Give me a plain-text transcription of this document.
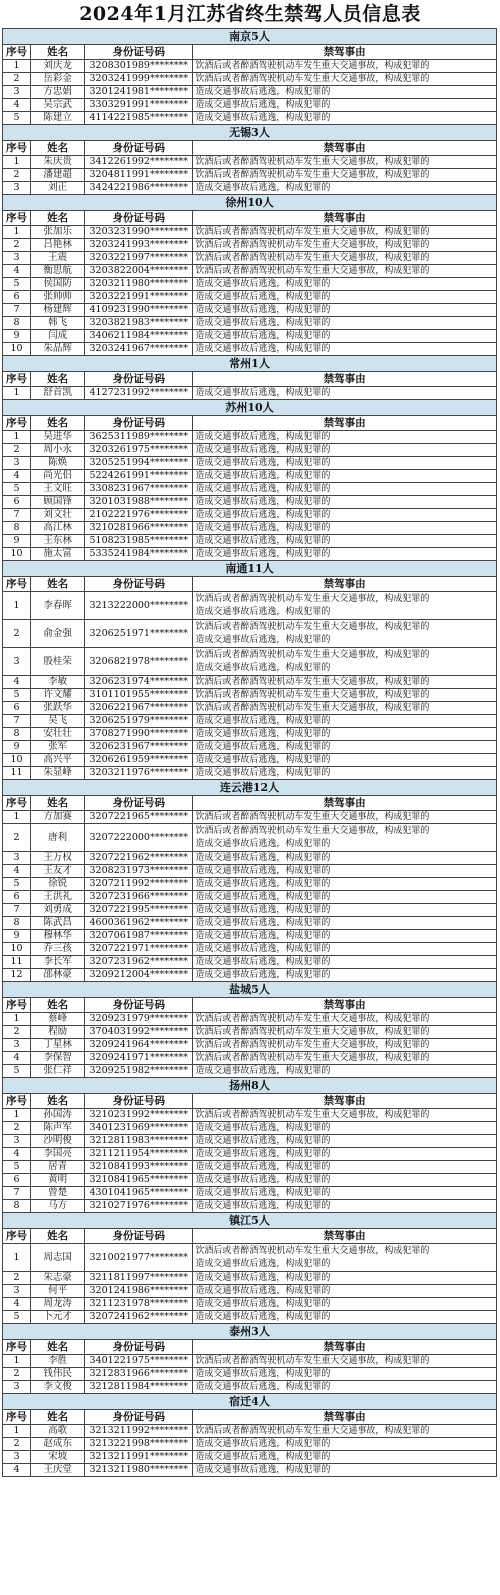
2024年1月江苏省终生禁驾人员信息表
南京5人			
序号	姓名	身份证号码	禁驾事由
1	刘庆龙	3208301989********	饮酒后或者醉酒驾驶机动车发生重大交通事故，构成犯罪的
2	岳彩金	3203241999********	饮酒后或者醉酒驾驶机动车发生重大交通事故，构成犯罪的
3	方忠娟	3201241981********	造成交通事故后逃逸，构成犯罪的
4	吴宗武	3303291991********	造成交通事故后逃逸，构成犯罪的
5	陈建立	4114221985********	造成交通事故后逃逸，构成犯罪的
无锡3人			
序号	姓名	身份证号码	禁驾事由
1	朱庆贵	3412261992********	饮酒后或者醉酒驾驶机动车发生重大交通事故，构成犯罪的
2	潘建超	3204811991********	饮酒后或者醉酒驾驶机动车发生重大交通事故，构成犯罪的
3	刘正	3424221986********	造成交通事故后逃逸，构成犯罪的
徐州10人			
序号	姓名	身份证号码	禁驾事由
1	张加乐	3203231990********	饮酒后或者醉酒驾驶机动车发生重大交通事故，构成犯罪的
2	吕艳林	3203241993********	饮酒后或者醉酒驾驶机动车发生重大交通事故，构成犯罪的
3	王震	3203221997********	饮酒后或者醉酒驾驶机动车发生重大交通事故，构成犯罪的
4	衡思航	3203822004********	饮酒后或者醉酒驾驶机动车发生重大交通事故，构成犯罪的
5	侯国防	3203211980********	造成交通事故后逃逸，构成犯罪的
6	张帅帅	3203221991********	造成交通事故后逃逸，构成犯罪的
7	杨建辉	4109231990********	造成交通事故后逃逸，构成犯罪的
8	韩飞	3203821983********	造成交通事故后逃逸，构成犯罪的
9	闫成	3406211984********	造成交通事故后逃逸，构成犯罪的
10	朱品辉	3203241967********	造成交通事故后逃逸，构成犯罪的
常州1人			
序号	姓名	身份证号码	禁驾事由
1	舒首凯	4127231992********	造成交通事故后逃逸，构成犯罪的
苏州10人			
序号	姓名	身份证号码	禁驾事由
1	吴进华	3625311989********	造成交通事故后逃逸，构成犯罪的
2	周小永	3203261975********	造成交通事故后逃逸，构成犯罪的
3	陈焕	3205251994********	造成交通事故后逃逸，构成犯罪的
4	尚光侣	5224261991********	造成交通事故后逃逸，构成犯罪的
5	王文旺	3308231967********	造成交通事故后逃逸，构成犯罪的
6	顾国锋	3201031988********	造成交通事故后逃逸，构成犯罪的
7	刘文壮	2102221976********	造成交通事故后逃逸，构成犯罪的
8	高江林	3210281966********	造成交通事故后逃逸，构成犯罪的
9	王东林	5108231985********	造成交通事故后逃逸，构成犯罪的
10	施太富	5335241984********	造成交通事故后逃逸，构成犯罪的
南通11人			
序号	姓名	身份证号码	禁驾事由
1	李春晖	3213222000********	饮酒后或者醉酒驾驶机动车发生重大交通事故，构成犯罪的
造成交通事故后逃逸，构成犯罪的

2	俞金强	3206251971********	饮酒后或者醉酒驾驶机动车发生重大交通事故，构成犯罪的
造成交通事故后逃逸，构成犯罪的

3	殷桂荣	3206821978********	饮酒后或者醉酒驾驶机动车发生重大交通事故，构成犯罪的
造成交通事故后逃逸，构成犯罪的

4	李敏	3206231974********	饮酒后或者醉酒驾驶机动车发生重大交通事故，构成犯罪的
5	许文耀	3101101955********	饮酒后或者醉酒驾驶机动车发生重大交通事故，构成犯罪的
6	张跃华	3206221967********	饮酒后或者醉酒驾驶机动车发生重大交通事故，构成犯罪的
7	吴飞	3206251979********	造成交通事故后逃逸，构成犯罪的
8	安壮壮	3708271990********	造成交通事故后逃逸，构成犯罪的
9	张军	3206231967********	造成交通事故后逃逸，构成犯罪的
10	高兴平	3206261959********	造成交通事故后逃逸，构成犯罪的
11	朱显峰	3203211976********	造成交通事故后逃逸，构成犯罪的
连云港12人			
序号	姓名	身份证号码	禁驾事由
1	方加赛	3207221965********	饮酒后或者醉酒驾驶机动车发生重大交通事故，构成犯罪的
2	唐利	3207222000********	饮酒后或者醉酒驾驶机动车发生重大交通事故，构成犯罪的
造成交通事故后逃逸，构成犯罪的

3	王万权	3207221962********	造成交通事故后逃逸，构成犯罪的
4	王友才	3208231973********	造成交通事故后逃逸，构成犯罪的
5	徐锐	3207211992********	造成交通事故后逃逸，构成犯罪的
6	王洪礼	3207231966********	造成交通事故后逃逸，构成犯罪的
7	刘勇成	3207221995********	造成交通事故后逃逸，构成犯罪的
8	陈武昌	4600361962********	造成交通事故后逃逸，构成犯罪的
9	穆林华	3207061987********	造成交通事故后逃逸，构成犯罪的
10	乔三孩	3207221971********	造成交通事故后逃逸，构成犯罪的
11	李长军	3207231962********	造成交通事故后逃逸，构成犯罪的
12	邵林豪	3209212004********	造成交通事故后逃逸，构成犯罪的
盐城5人			
序号	姓名	身份证号码	禁驾事由
1	蔡峰	3209231979********	饮酒后或者醉酒驾驶机动车发生重大交通事故，构成犯罪的
2	程励	3704031992********	饮酒后或者醉酒驾驶机动车发生重大交通事故，构成犯罪的
3	丁星林	3209241964********	饮酒后或者醉酒驾驶机动车发生重大交通事故，构成犯罪的
4	李保智	3209241971********	饮酒后或者醉酒驾驶机动车发生重大交通事故，构成犯罪的
5	张仁祥	3209251982********	造成交通事故后逃逸，构成犯罪的
扬州8人			
序号	姓名	身份证号码	禁驾事由
1	孙国涛	3210231992********	饮酒后或者醉酒驾驶机动车发生重大交通事故，构成犯罪的
2	陈声军	3401231969********	造成交通事故后逃逸，构成犯罪的
3	沙明俊	3212811983********	造成交通事故后逃逸，构成犯罪的
4	李国亮	3211211954********	造成交通事故后逃逸，构成犯罪的
5	居青	3210841993********	造成交通事故后逃逸，构成犯罪的
6	黄明	3210841965********	造成交通事故后逃逸，构成犯罪的
7	曾楚	4301041965********	造成交通事故后逃逸，构成犯罪的
8	马方	3210271976********	造成交通事故后逃逸，构成犯罪的
镇江5人			
序号	姓名	身份证号码	禁驾事由
1	周志国	3210021977********	饮酒后或者醉酒驾驶机动车发生重大交通事故，构成犯罪的
造成交通事故后逃逸，构成犯罪的

2	朱志豪	3211811997********	造成交通事故后逃逸，构成犯罪的
3	何平	3201241986********	造成交通事故后逃逸，构成犯罪的
4	周龙涛	3211231978********	造成交通事故后逃逸，构成犯罪的
5	卜元才	3207241962********	造成交通事故后逃逸，构成犯罪的
泰州3人			
序号	姓名	身份证号码	禁驾事由
1	李胜	3401221975********	饮酒后或者醉酒驾驶机动车发生重大交通事故，构成犯罪的
2	钱伟民	3212831966********	造成交通事故后逃逸，构成犯罪的
3	李文俊	3212811984********	造成交通事故后逃逸，构成犯罪的
宿迁4人			
序号	姓名	身份证号码	禁驾事由
1	高歌	3213211992********	饮酒后或者醉酒驾驶机动车发生重大交通事故，构成犯罪的
2	赵成东	3213221998********	造成交通事故后逃逸，构成犯罪的
3	宋坡	3213211991********	造成交通事故后逃逸，构成犯罪的
4	王庆堂	3213211980********	造成交通事故后逃逸，构成犯罪的
